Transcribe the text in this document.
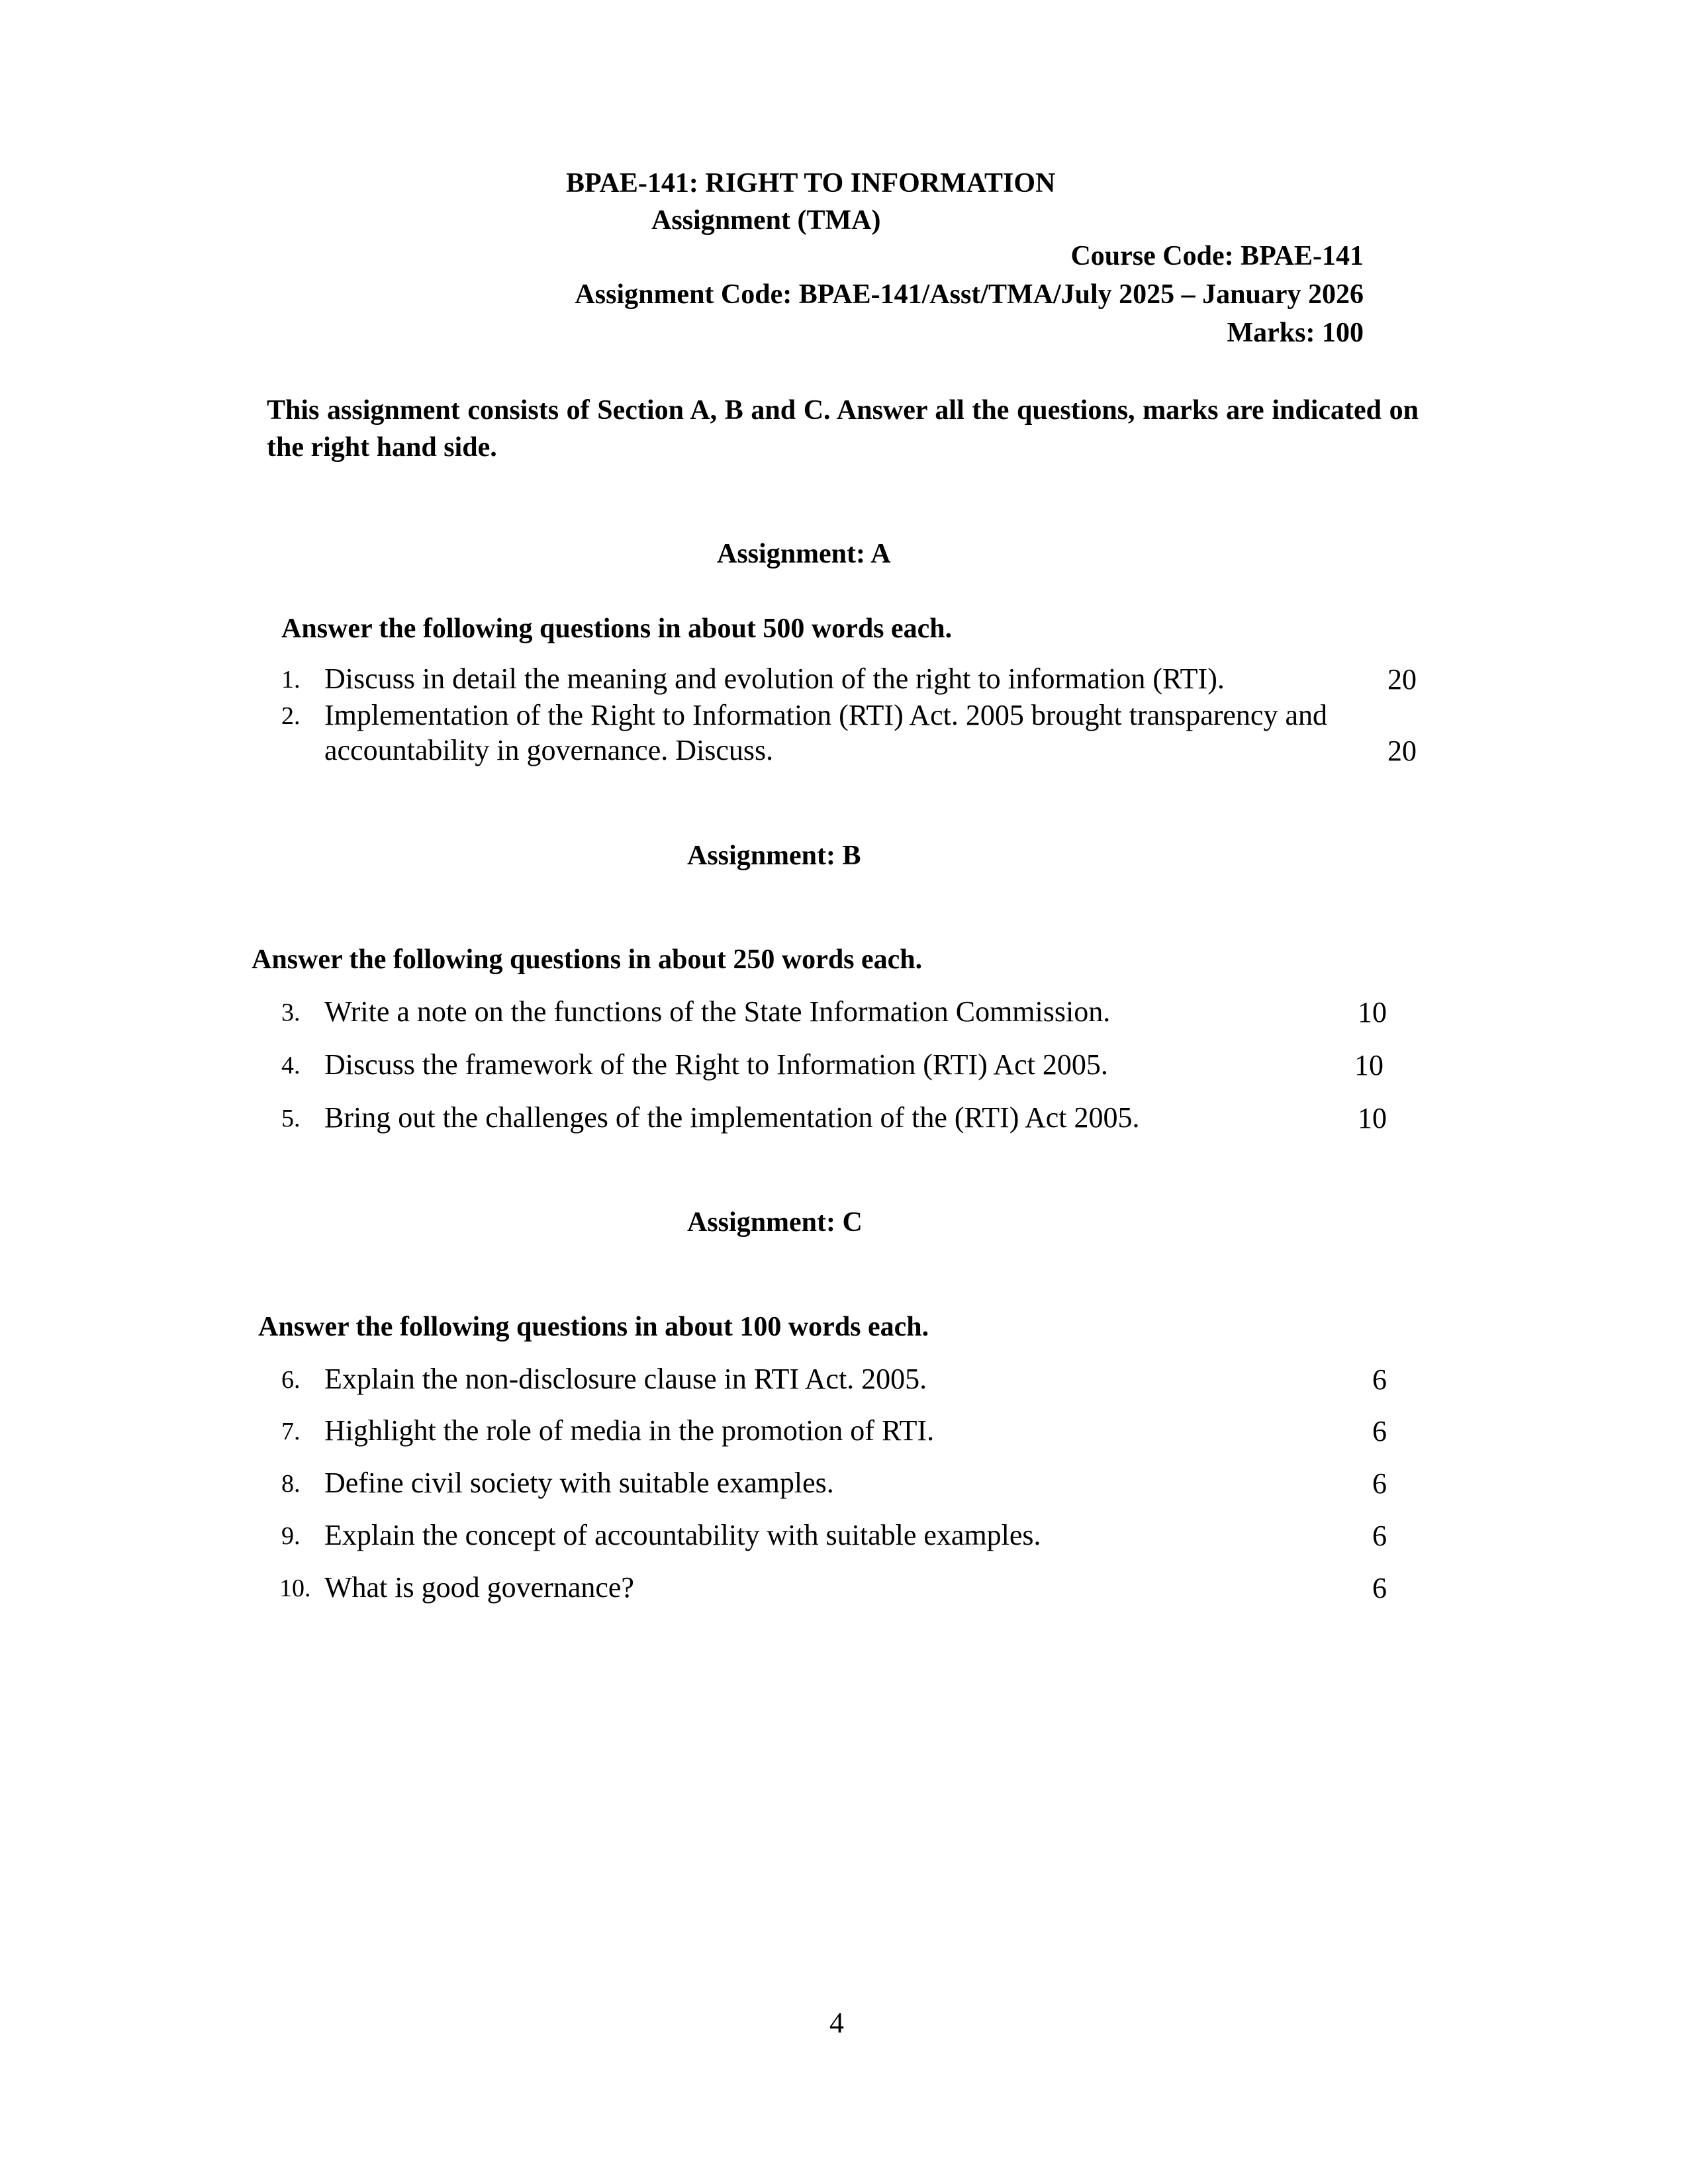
BPAE-141: RIGHT TO INFORMATION
Assignment (TMA)
Course Code: BPAE-141
Assignment Code: BPAE-141/Asst/TMA/July 2025 – January 2026
Marks: 100
This assignment consists of Section A, B and C. Answer all the questions, marks are indicated on the right hand side.
Assignment: A
Answer the following questions in about 500 words each.
1. Discuss in detail the meaning and evolution of the right to information (RTI).	20
2. Implementation of the Right to Information (RTI) Act. 2005 brought transparency and
accountability in governance. Discuss.	20
Assignment: B
Answer the following questions in about 250 words each.
3. Write a note on the functions of the State Information Commission.	10
4. Discuss the framework of the Right to Information (RTI) Act 2005.	10
5. Bring out the challenges of the implementation of the (RTI) Act 2005.	10
Assignment: C
Answer the following questions in about 100 words each.
6. Explain the non-disclosure clause in RTI Act. 2005.	6
7. Highlight the role of media in the promotion of RTI.	6
8. Define civil society with suitable examples.	6
9. Explain the concept of accountability with suitable examples.	6
10. What is good governance?	6
4
